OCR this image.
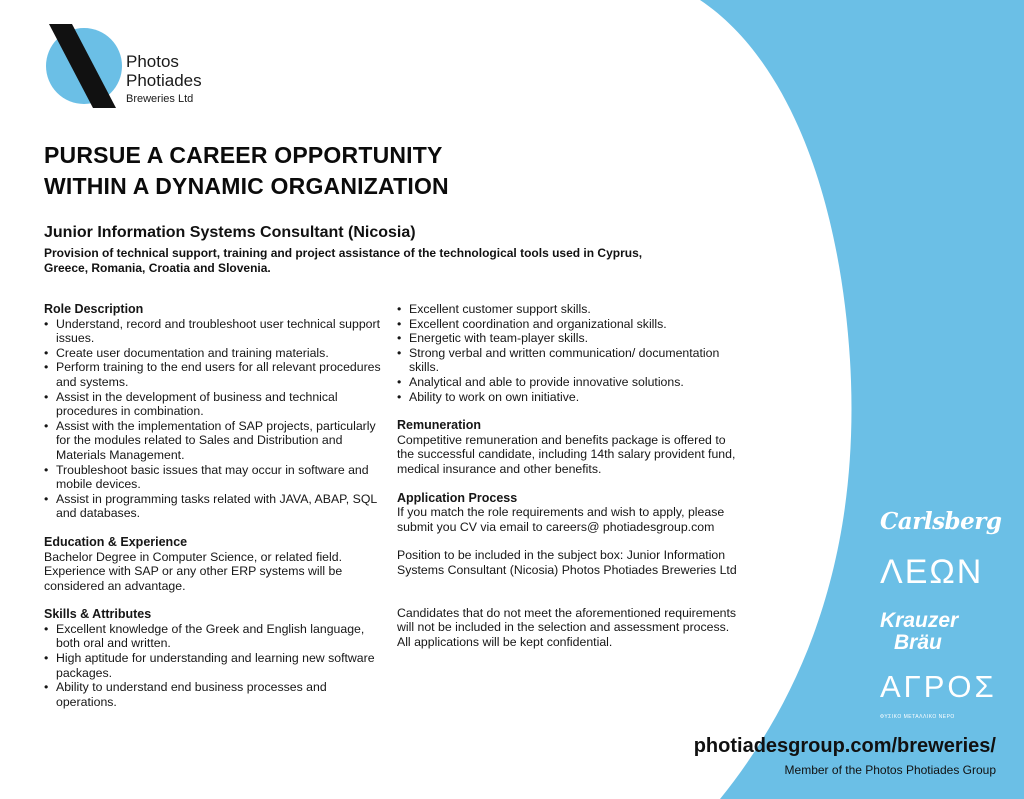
Photos
Photiades
Breweries Ltd
PURSUE A CAREER OPPORTUNITY
WITHIN A DYNAMIC ORGANIZATION
Junior Information Systems Consultant (Nicosia)
Provision of technical support, training and project assistance of the technological tools used in Cyprus, Greece, Romania, Croatia and Slovenia.
Role Description
• Understand, record and troubleshoot user technical support issues.
• Create user documentation and training materials.
• Perform training to the end users for all relevant procedures and systems.
• Assist in the development of business and technical procedures in combination.
• Assist with the implementation of SAP projects, particularly for the modules related to Sales and Distribution and Materials Management.
• Troubleshoot basic issues that may occur in software and mobile devices.
• Assist in programming tasks related with JAVA, ABAP, SQL and databases.
Education & Experience

Bachelor Degree in Computer Science, or related field. Experience with SAP or any other ERP systems will be considered an advantage.

Skills & Attributes
• Excellent knowledge of the Greek and English language, both oral and written.
• High aptitude for understanding and learning new software packages.
• Ability to understand end business processes and operations.
• Excellent customer support skills.
• Excellent coordination and organizational skills.
• Energetic with team-player skills.
• Strong verbal and written communication/ documentation skills.
• Analytical and able to provide innovative solutions.
• Ability to work on own initiative.
Remuneration

Competitive remuneration and benefits package is offered to the successful candidate, including 14th salary provident fund, medical insurance and other benefits.

Application Process

If you match the role requirements and wish to apply, please submit you CV via email to careers@ photiadesgroup.com

Position to be included in the subject box: Junior Information Systems Consultant (Nicosia) Photos Photiades Breweries Ltd

Candidates that do not meet the aforementioned requirements will not be included in the selection and assessment process. All applications will be kept confidential.

Carlsberg
ΛΕΩΝ
Krauzer
Bräu
ΑΓΡΟΣ
ΦΥΣΙΚΟ ΜΕΤΑΛΛΙΚΟ ΝΕΡΟ
photiadesgroup.com/breweries/
Member of the Photos Photiades Group
